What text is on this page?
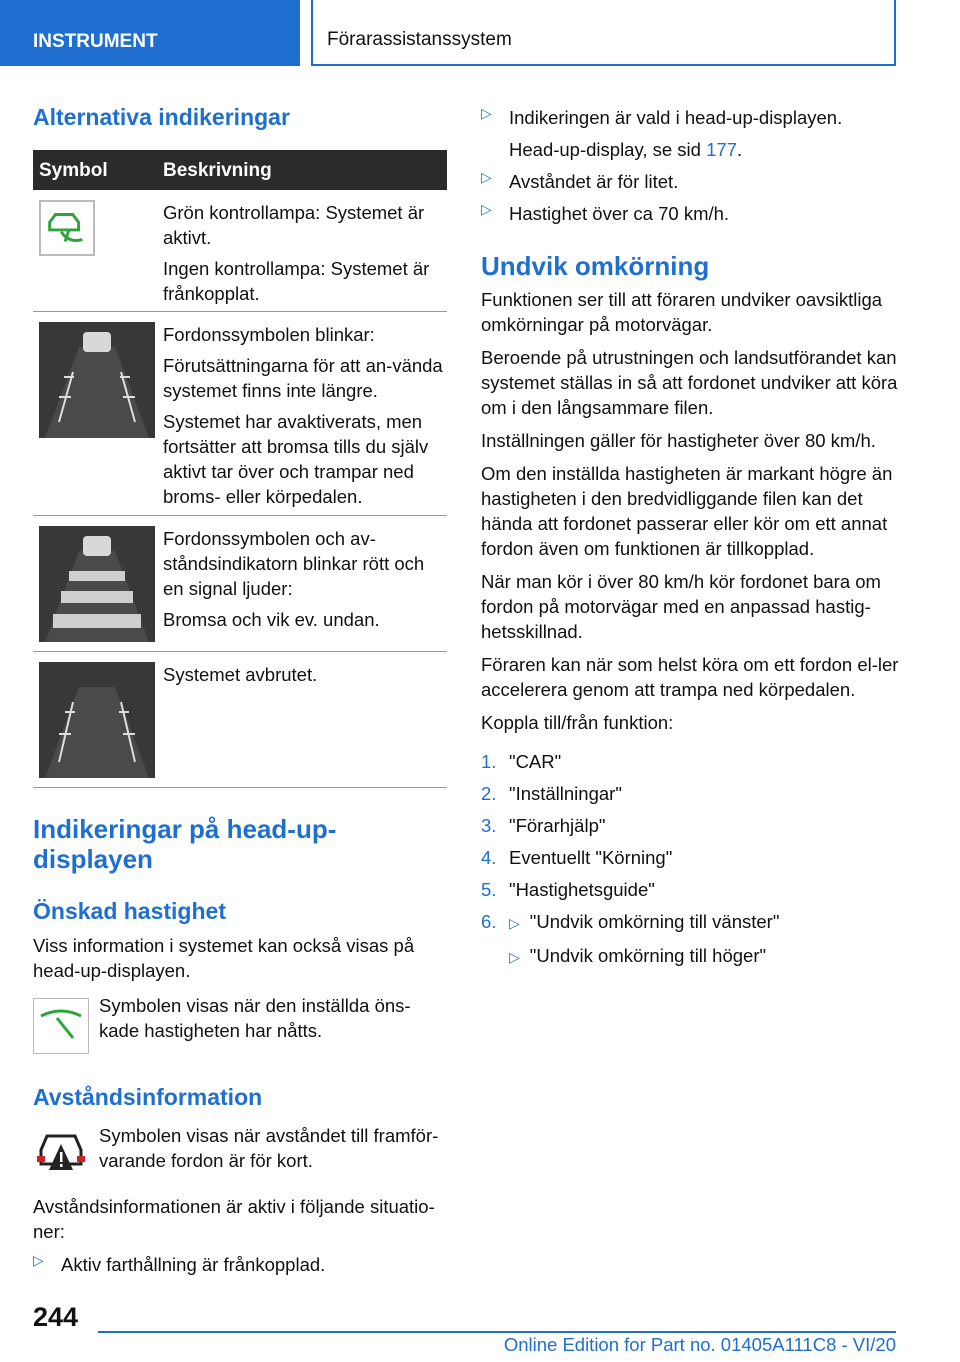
INSTRUMENT	Förarassistanssystem
Alternativa indikeringar
Symbol	Beskrivning

Grön kontrollampa: Systemet är aktivt.

Ingen kontrollampa: Systemet är frånkopplat.

Fordonssymbolen blinkar:

Förutsättningarna för att an-vända systemet finns inte längre.

Systemet har avaktiverats, men fortsätter att bromsa tills du själv aktivt tar över och trampar ned broms- eller körpedalen.

Fordonssymbolen och av-ståndsindikatorn blinkar rött och en signal ljuder:

Bromsa och vik ev. undan.

Systemet avbrutet.

Indikeringar på head-up-displayen
Önskad hastighet

Viss information i systemet kan också visas på head-up-displayen.

Symbolen visas när den inställda öns-kade hastigheten har nåtts.

Avståndsinformation

Symbolen visas när avståndet till framför-varande fordon är för kort.

Avståndsinformationen är aktiv i följande situatio-ner:

▷ Aktiv farthållning är frånkopplad.

▷ Indikeringen är vald i head-up-displayen.

Head-up-display, se sid 177.

▷ Avståndet är för litet.

▷ Hastighet över ca 70 km/h.

Undvik omkörning

Funktionen ser till att föraren undviker oavsiktliga omkörningar på motorvägar.

Beroende på utrustningen och landsutförandet kan systemet ställas in så att fordonet undviker att köra om i den långsammare filen.

Inställningen gäller för hastigheter över 80 km/h.

Om den inställda hastigheten är markant högre än hastigheten i den bredvidliggande filen kan det hända att fordonet passerar eller kör om ett annat fordon även om funktionen är tillkopplad.

När man kör i över 80 km/h kör fordonet bara om fordon på motorvägar med en anpassad hastig-hetsskillnad.

Föraren kan när som helst köra om ett fordon el-ler accelerera genom att trampa ned körpedalen.

Koppla till/från funktion:

1. "CAR"
2. "Inställningar"
3. "Förarhjälp"
4. Eventuellt "Körning"
5. "Hastighetsguide"
6. ▷ "Undvik omkörning till vänster"
▷ "Undvik omkörning till höger"
244
Online Edition for Part no. 01405A111C8 - VI/20
